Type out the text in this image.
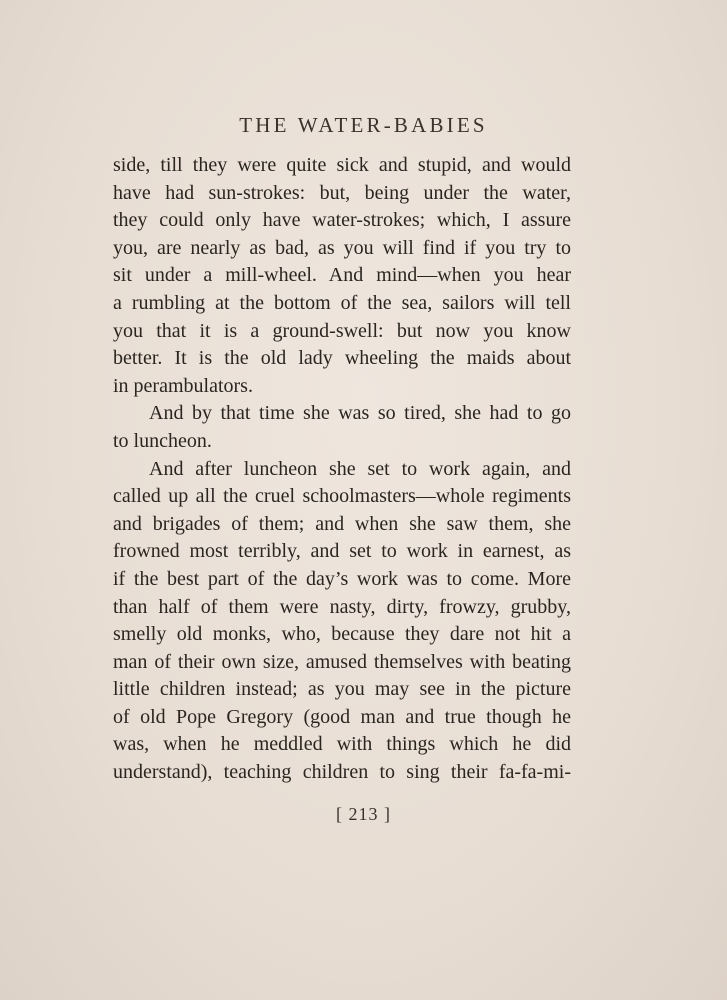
THE WATER-BABIES
side, till they were quite sick and stupid, and would
have had sun-strokes: but, being under the water,
they could only have water-strokes; which, I assure
you, are nearly as bad, as you will find if you try to
sit under a mill-wheel. And mind—when you hear
a rumbling at the bottom of the sea, sailors will tell
you that it is a ground-swell: but now you know
better. It is the old lady wheeling the maids about
in perambulators.
And by that time she was so tired, she had to go
to luncheon.
And after luncheon she set to work again, and
called up all the cruel schoolmasters—whole regiments
and brigades of them; and when she saw them, she
frowned most terribly, and set to work in earnest, as
if the best part of the day’s work was to come. More
than half of them were nasty, dirty, frowzy, grubby,
smelly old monks, who, because they dare not hit a
man of their own size, amused themselves with beating
little children instead; as you may see in the picture
of old Pope Gregory (good man and true though he
was, when he meddled with things which he did
understand), teaching children to sing their fa-fa-mi-
[ 213 ]
